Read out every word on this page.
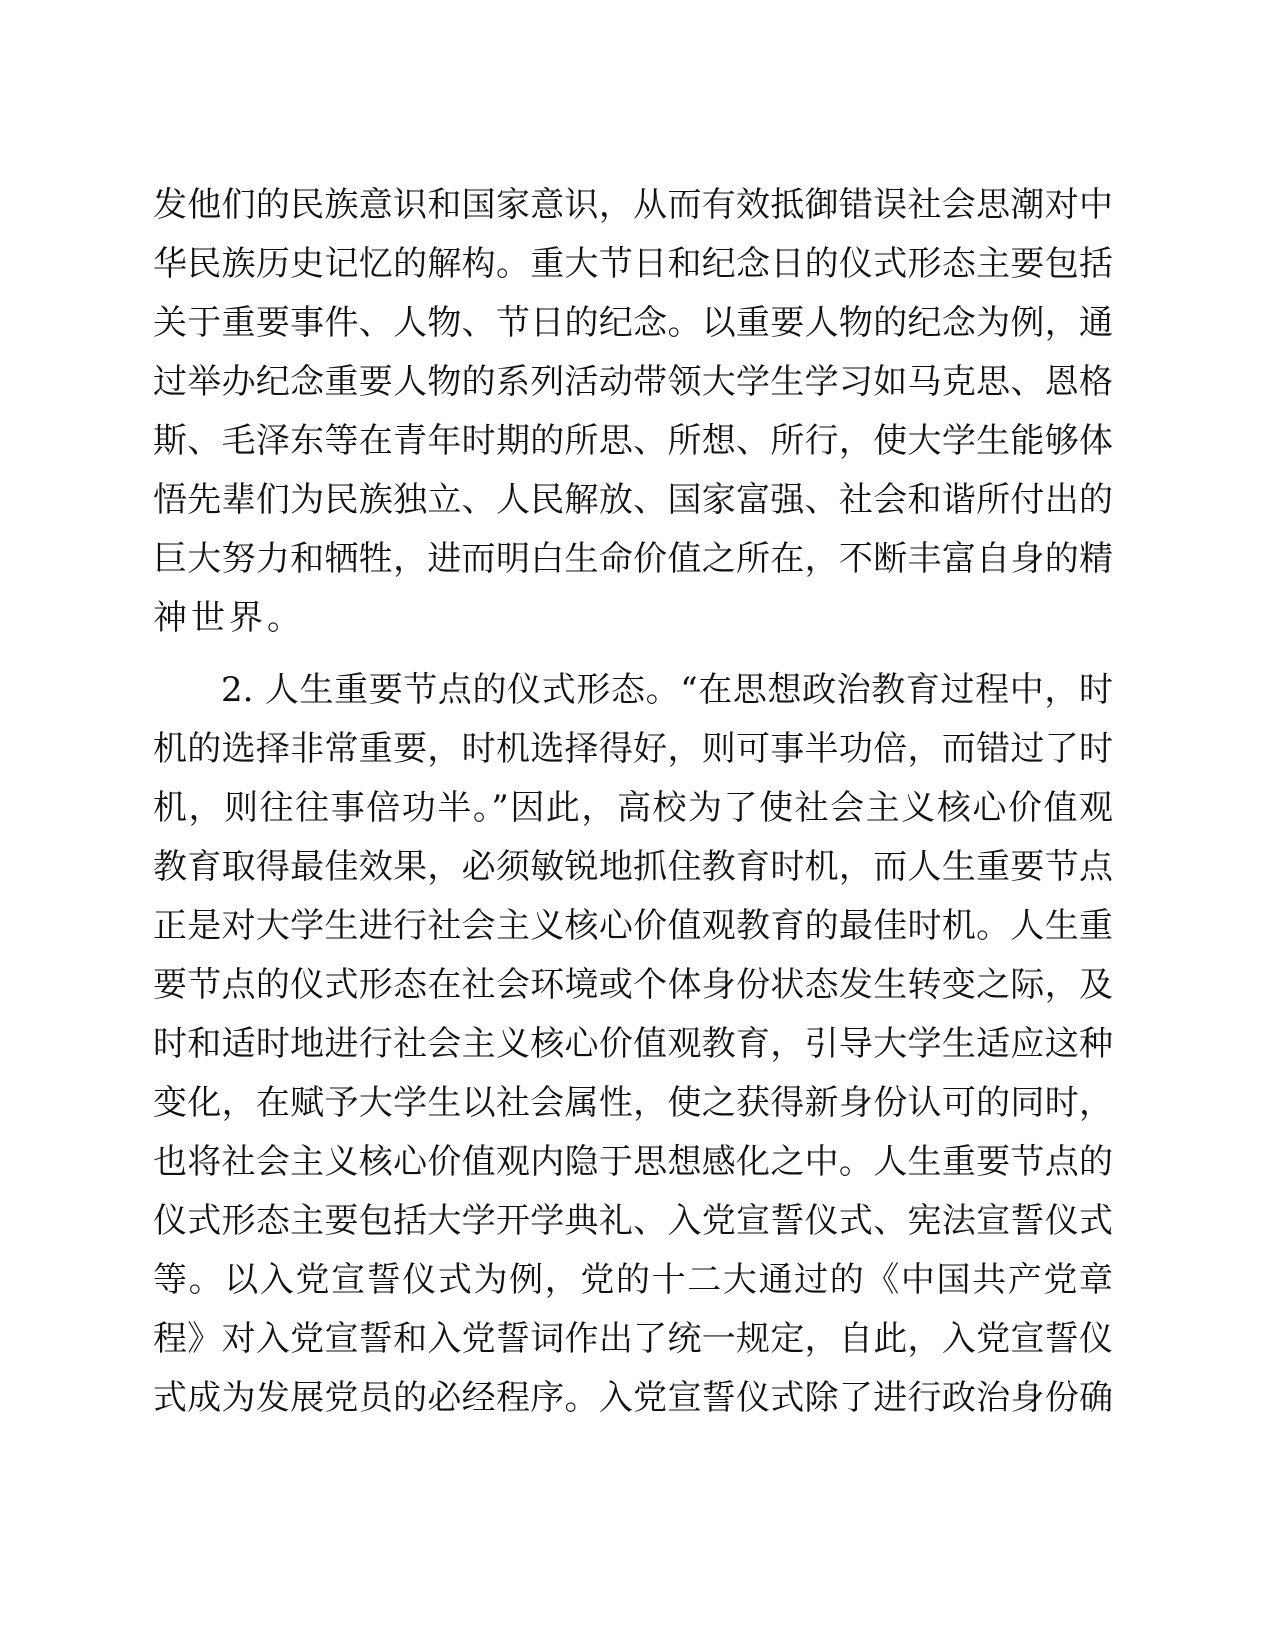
发他们的民族意识和国家意识，从而有效抵御错误社会思潮对中
华民族历史记忆的解构。重大节日和纪念日的仪式形态主要包括
关于重要事件、人物、节日的纪念。以重要人物的纪念为例，通
过举办纪念重要人物的系列活动带领大学生学习如马克思、恩格
斯、毛泽东等在青年时期的所思、所想、所行，使大学生能够体
悟先辈们为民族独立、人民解放、国家富强、社会和谐所付出的
巨大努力和牺牲，进而明白生命价值之所在，不断丰富自身的精
神世界。
2. 人生重要节点的仪式形态。“在思想政治教育过程中，时
机的选择非常重要，时机选择得好，则可事半功倍，而错过了时
机，则往往事倍功半。”因此，高校为了使社会主义核心价值观
教育取得最佳效果，必须敏锐地抓住教育时机，而人生重要节点
正是对大学生进行社会主义核心价值观教育的最佳时机。人生重
要节点的仪式形态在社会环境或个体身份状态发生转变之际，及
时和适时地进行社会主义核心价值观教育，引导大学生适应这种
变化，在赋予大学生以社会属性，使之获得新身份认可的同时，
也将社会主义核心价值观内隐于思想感化之中。人生重要节点的
仪式形态主要包括大学开学典礼、入党宣誓仪式、宪法宣誓仪式
等。以入党宣誓仪式为例，党的十二大通过的《中国共产党章
程》对入党宣誓和入党誓词作出了统一规定，自此，入党宣誓仪
式成为发展党员的必经程序。入党宣誓仪式除了进行政治身份确
